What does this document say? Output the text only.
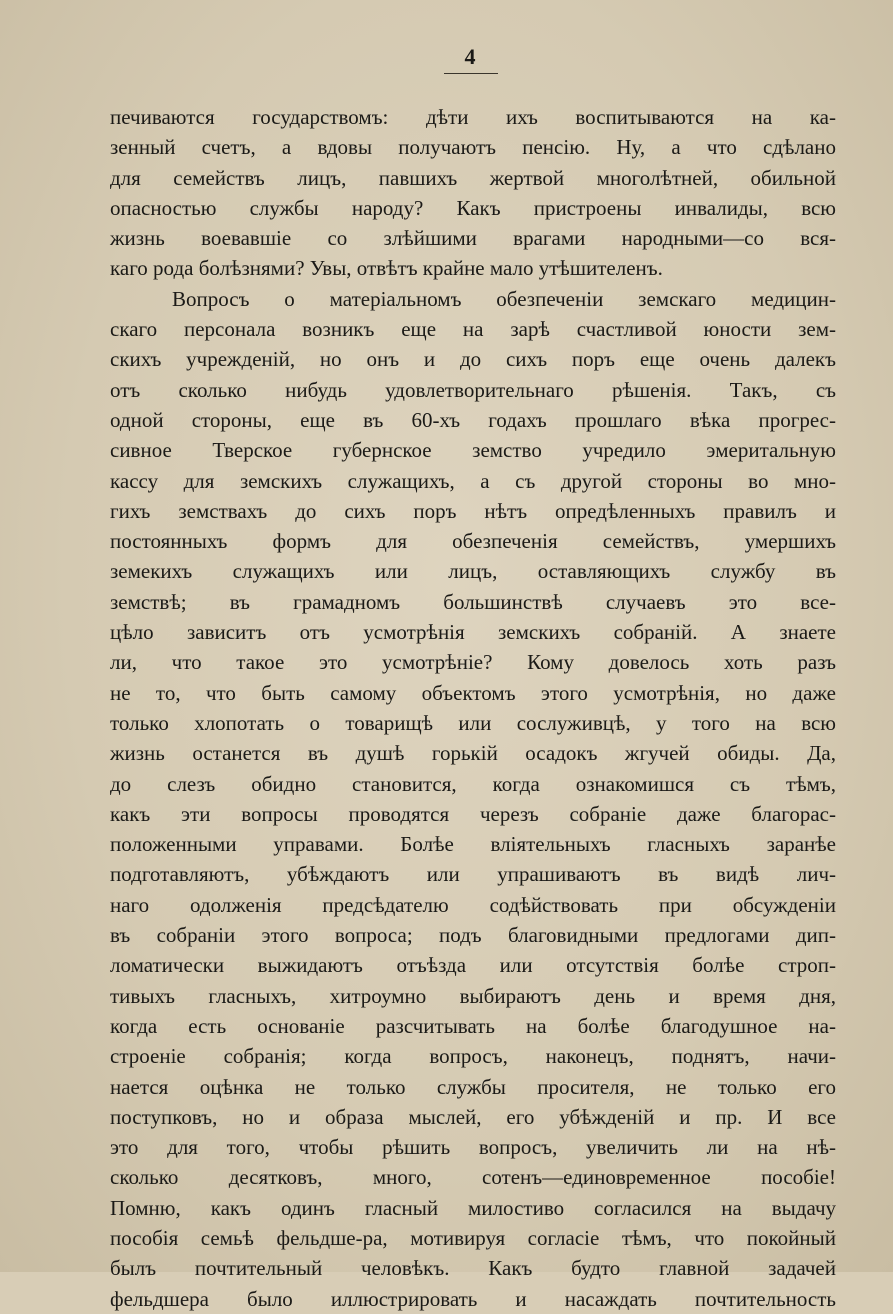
4
печиваются государствомъ: дѣти ихъ воспитываются на ка-
зенный счетъ, а вдовы получаютъ пенсію. Ну, а что сдѣлано
для семействъ лицъ, павшихъ жертвой многолѣтней, обильной
опасностью службы народу? Какъ пристроены инвалиды, всю
жизнь воевавшіе со злѣйшими врагами народными—со вся-
каго рода болѣзнями? Увы, отвѣтъ крайне мало утѣшителенъ.
Вопросъ о матеріальномъ обезпеченіи земскаго медицин-
скаго персонала возникъ еще на зарѣ счастливой юности зем-
скихъ учрежденій, но онъ и до сихъ поръ еще очень далекъ
отъ сколько нибудь удовлетворительнаго рѣшенія. Такъ, съ
одной стороны, еще въ 60-хъ годахъ прошлаго вѣка прогрес-
сивное Тверское губернское земство учредило эмеритальную
кассу для земскихъ служащихъ, а съ другой стороны во мно-
гихъ земствахъ до сихъ поръ нѣтъ опредѣленныхъ правилъ и
постоянныхъ формъ для обезпеченія семействъ, умершихъ
земекихъ служащихъ или лицъ, оставляющихъ службу въ
земствѣ; въ грамадномъ большинствѣ случаевъ это все-
цѣло зависитъ отъ усмотрѣнія земскихъ собраній. А знаете
ли, что такое это усмотрѣніе? Кому довелось хоть разъ
не то, что быть самому объектомъ этого усмотрѣнія, но даже
только хлопотать о товарищѣ или сослуживцѣ, у того на всю
жизнь останется въ душѣ горькій осадокъ жгучей обиды. Да,
до слезъ обидно становится, когда ознакомишся съ тѣмъ,
какъ эти вопросы проводятся черезъ собраніе даже благорас-
положенными управами. Болѣе вліятельныхъ гласныхъ заранѣе
подготавляютъ, убѣждаютъ или упрашиваютъ въ видѣ лич-
наго одолженія предсѣдателю содѣйствовать при обсужденіи
въ собраніи этого вопроса; подъ благовидными предлогами дип-
ломатически выжидаютъ отъѣзда или отсутствія болѣе строп-
тивыхъ гласныхъ, хитроумно выбираютъ день и время дня,
когда есть основаніе разсчитывать на болѣе благодушное на-
строеніе собранія; когда вопросъ, наконецъ, поднятъ, начи-
нается оцѣнка не только службы просителя, не только его
поступковъ, но и образа мыслей, его убѣжденій и пр. И все
это для того, чтобы рѣшить вопросъ, увеличить ли на нѣ-
сколько десятковъ, много, сотенъ—единовременное пособіе!
Помню, какъ одинъ гласный милостиво согласился на выдачу
пособія семьѣ фельдше-ра, мотивируя согласіе тѣмъ, что покойный
былъ почтительный человѣкъ. Какъ будто главной задачей
фельдшера было иллюстрировать и насаждать почтительность
